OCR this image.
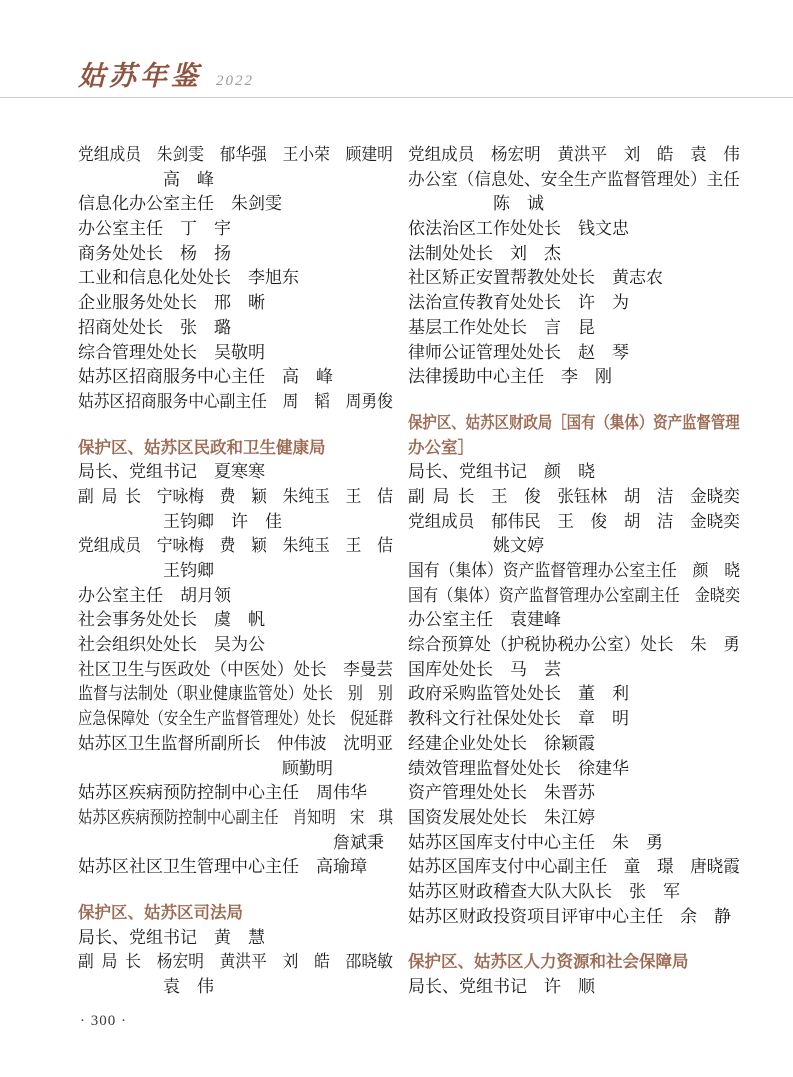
姑苏年鉴 2022
党组成员　朱剑雯　郁华强　王小荣　顾建明
　　　　　高　峰
信息化办公室主任　朱剑雯
办公室主任　丁　宇
商务处处长　杨　扬
工业和信息化处处长　李旭东
企业服务处处长　邢　晰
招商处处长　张　璐
综合管理处处长　吴敬明
姑苏区招商服务中心主任　高　峰
姑苏区招商服务中心副主任　周　韬　周勇俊
保护区、姑苏区民政和卫生健康局
局长、党组书记　夏寒寒
副  局  长　宁咏梅　费　颖　朱纯玉　王　佶
　　　　　王钧卿　许　佳
党组成员　宁咏梅　费　颖　朱纯玉　王　佶
　　　　　王钧卿
办公室主任　胡月领
社会事务处处长　虞　帆
社会组织处处长　吴为公
社区卫生与医政处（中医处）处长　李曼芸
监督与法制处（职业健康监管处）处长　别　别
应急保障处（安全生产监督管理处）处长　倪延群
姑苏区卫生监督所副所长　仲伟波　沈明亚
　　　　　　　　　　　　顾勤明
姑苏区疾病预防控制中心主任　周伟华
姑苏区疾病预防控制中心副主任　肖知明　宋　琪
　　　　　　　　　　　　　　　詹斌秉
姑苏区社区卫生管理中心主任　高瑜璋
保护区、姑苏区司法局
局长、党组书记　黄　慧
副  局  长　杨宏明　黄洪平　刘　皓　邵晓敏
　　　　　袁　伟
党组成员　杨宏明　黄洪平　刘　皓　袁　伟
办公室（信息处、安全生产监督管理处）主任
　　　　　陈　诚
依法治区工作处处长　钱文忠
法制处处长　刘　杰
社区矫正安置帮教处处长　黄志农
法治宣传教育处处长　许　为
基层工作处处长　言　昆
律师公证管理处处长　赵　琴
法律援助中心主任　李　刚
保护区、姑苏区财政局［国有（集体）资产监督管理
办公室］
局长、党组书记　颜　晓
副  局  长　王　俊　张钰林　胡　洁　金晓奕
党组成员　郁伟民　王　俊　胡　洁　金晓奕
　　　　　姚文婷
国有（集体）资产监督管理办公室主任　颜　晓
国有（集体）资产监督管理办公室副主任　金晓奕
办公室主任　袁建峰
综合预算处（护税协税办公室）处长　朱　勇
国库处处长　马　芸
政府采购监管处处长　董　利
教科文行社保处处长　章　明
经建企业处处长　徐颖霞
绩效管理监督处处长　徐建华
资产管理处处长　朱晋苏
国资发展处处长　朱江婷
姑苏区国库支付中心主任　朱　勇
姑苏区国库支付中心副主任　童　璟　唐晓霞
姑苏区财政稽查大队大队长　张　军
姑苏区财政投资项目评审中心主任　余　静
保护区、姑苏区人力资源和社会保障局
局长、党组书记　许　顺
· 300 ·
